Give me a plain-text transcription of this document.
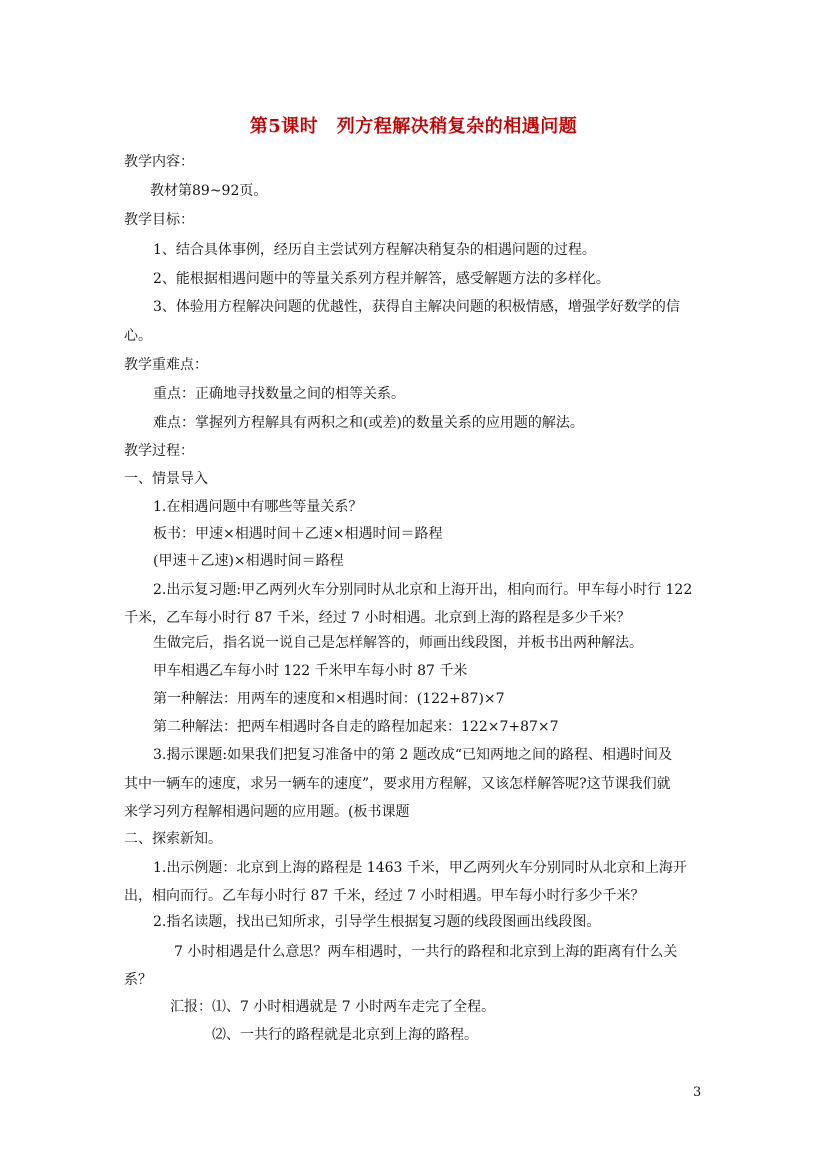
第5课时　列方程解决稍复杂的相遇问题
教学内容：
教材第89~92页。
教学目标：
1、结合具体事例，经历自主尝试列方程解决稍复杂的相遇问题的过程。
2、能根据相遇问题中的等量关系列方程并解答，感受解题方法的多样化。
3、体验用方程解决问题的优越性，获得自主解决问题的积极情感，增强学好数学的信
心。
教学重难点：
重点：正确地寻找数量之间的相等关系。
难点：掌握列方程解具有两积之和(或差)的数量关系的应用题的解法。
教学过程：
一、情景导入
1.在相遇问题中有哪些等量关系？
板书：甲速×相遇时间＋乙速×相遇时间＝路程
(甲速＋乙速)×相遇时间＝路程
2.出示复习题:甲乙两列火车分别同时从北京和上海开出，相向而行。甲车每小时行 122
千米，乙车每小时行 87 千米，经过 7 小时相遇。北京到上海的路程是多少千米？
生做完后，指名说一说自己是怎样解答的，师画出线段图，并板书出两种解法。
甲车相遇乙车每小时 122 千米甲车每小时 87 千米
第一种解法：用两车的速度和×相遇时间：(122+87)×7
第二种解法：把两车相遇时各自走的路程加起来：122×7+87×7
3.揭示课题:如果我们把复习准备中的第 2 题改成“已知两地之间的路程、相遇时间及
其中一辆车的速度，求另一辆车的速度”，要求用方程解，又该怎样解答呢?这节课我们就
来学习列方程解相遇问题的应用题。(板书课题
二、探索新知。
1.出示例题：北京到上海的路程是 1463 千米，甲乙两列火车分别同时从北京和上海开
出，相向而行。乙车每小时行 87 千米，经过 7 小时相遇。甲车每小时行多少千米？
2.指名读题，找出已知所求，引导学生根据复习题的线段图画出线段图。
7 小时相遇是什么意思？两车相遇时，一共行的路程和北京到上海的距离有什么关
系？
汇报：⑴、7 小时相遇就是 7 小时两车走完了全程。
⑵、一共行的路程就是北京到上海的路程。
3
